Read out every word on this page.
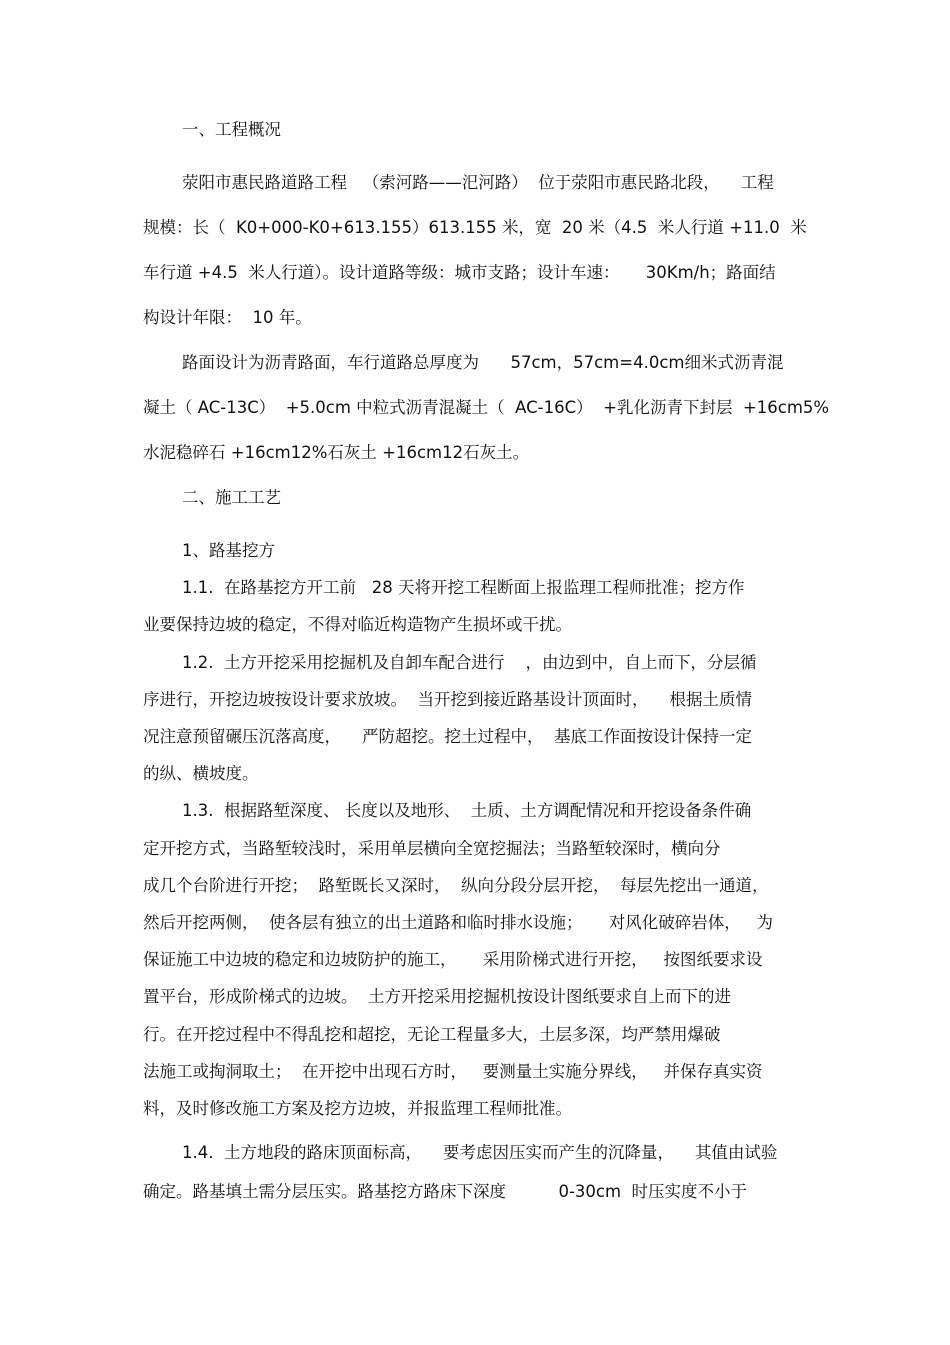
一、工程概况
荥阳市惠民路道路工程   （索河路——汜河路）  位于荥阳市惠民路北段，    工程
规模：长（  K0+000-K0+613.155）613.155 米，宽  20 米（4.5  米人行道 +11.0  米
车行道 +4.5  米人行道）。设计道路等级：城市支路；设计车速：     30Km/h；路面结
构设计年限：  10 年。
路面设计为沥青路面，车行道路总厚度为      57cm，57cm=4.0cm细米式沥青混
凝土（ AC-13C）  +5.0cm 中粒式沥青混凝土（  AC-16C）  +乳化沥青下封层  +16cm5%
水泥稳碎石 +16cm12%石灰土 +16cm12石灰土。
二、施工工艺
1、路基挖方
1.1.  在路基挖方开工前   28 天将开挖工程断面上报监理工程师批准；挖方作
业要保持边坡的稳定，不得对临近构造物产生损坏或干扰。
1.2.  土方开挖采用挖掘机及自卸车配合进行    ，由边到中，自上而下，分层循
序进行，开挖边坡按设计要求放坡。  当开挖到接近路基设计顶面时，    根据土质情
况注意预留碾压沉落高度，    严防超挖。挖土过程中，  基底工作面按设计保持一定
的纵、横坡度。
1.3.  根据路堑深度、 长度以及地形、  土质、土方调配情况和开挖设备条件确
定开挖方式，当路堑较浅时，采用单层横向全宽挖掘法；当路堑较深时，横向分
成几个台阶进行开挖；  路堑既长又深时，  纵向分段分层开挖，  每层先挖出一通道，
然后开挖两侧，  使各层有独立的出土道路和临时排水设施；     对风化破碎岩体，   为
保证施工中边坡的稳定和边坡防护的施工，     采用阶梯式进行开挖，   按图纸要求设
置平台，形成阶梯式的边坡。  土方开挖采用挖掘机按设计图纸要求自上而下的进
行。在开挖过程中不得乱挖和超挖，无论工程量多大，土层多深，均严禁用爆破
法施工或掏洞取土；  在开挖中出现石方时，   要测量土实施分界线，   并保存真实资
料，及时修改施工方案及挖方边坡，并报监理工程师批准。
1.4.  土方地段的路床顶面标高，    要考虑因压实而产生的沉降量，    其值由试验
确定。路基填土需分层压实。路基挖方路床下深度          0-30cm  时压实度不小于
